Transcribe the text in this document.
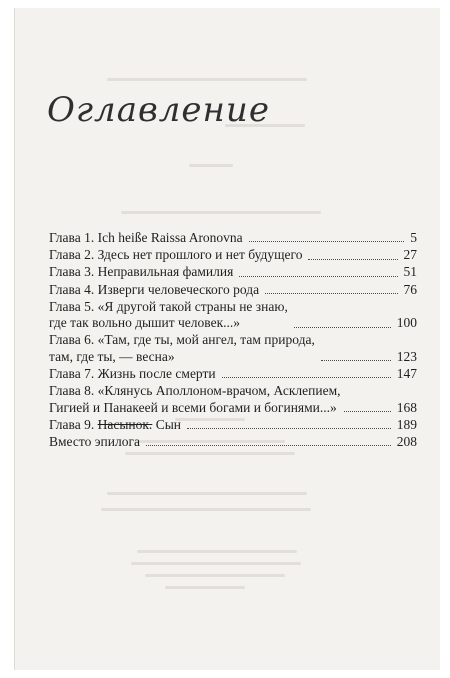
Оглавление
Глава 1. Ich heiße Raissa Aronovna	5
Глава 2. Здесь нет прошлого и нет будущего	27
Глава 3. Неправильная фамилия	51
Глава 4. Изверги человеческого рода	76
Глава 5. «Я другой такой страны не знаю,
где так вольно дышит человек...»	100
Глава 6. «Там, где ты, мой ангел, там природа,
там, где ты, — весна»	123
Глава 7. Жизнь после смерти	147
Глава 8. «Клянусь Аполлоном-врачом, Асклепием,
Гигией и Панакеей и всеми богами и богинями...»	168
Глава 9. Насынок. Сын	189
Вместо эпилога	208
